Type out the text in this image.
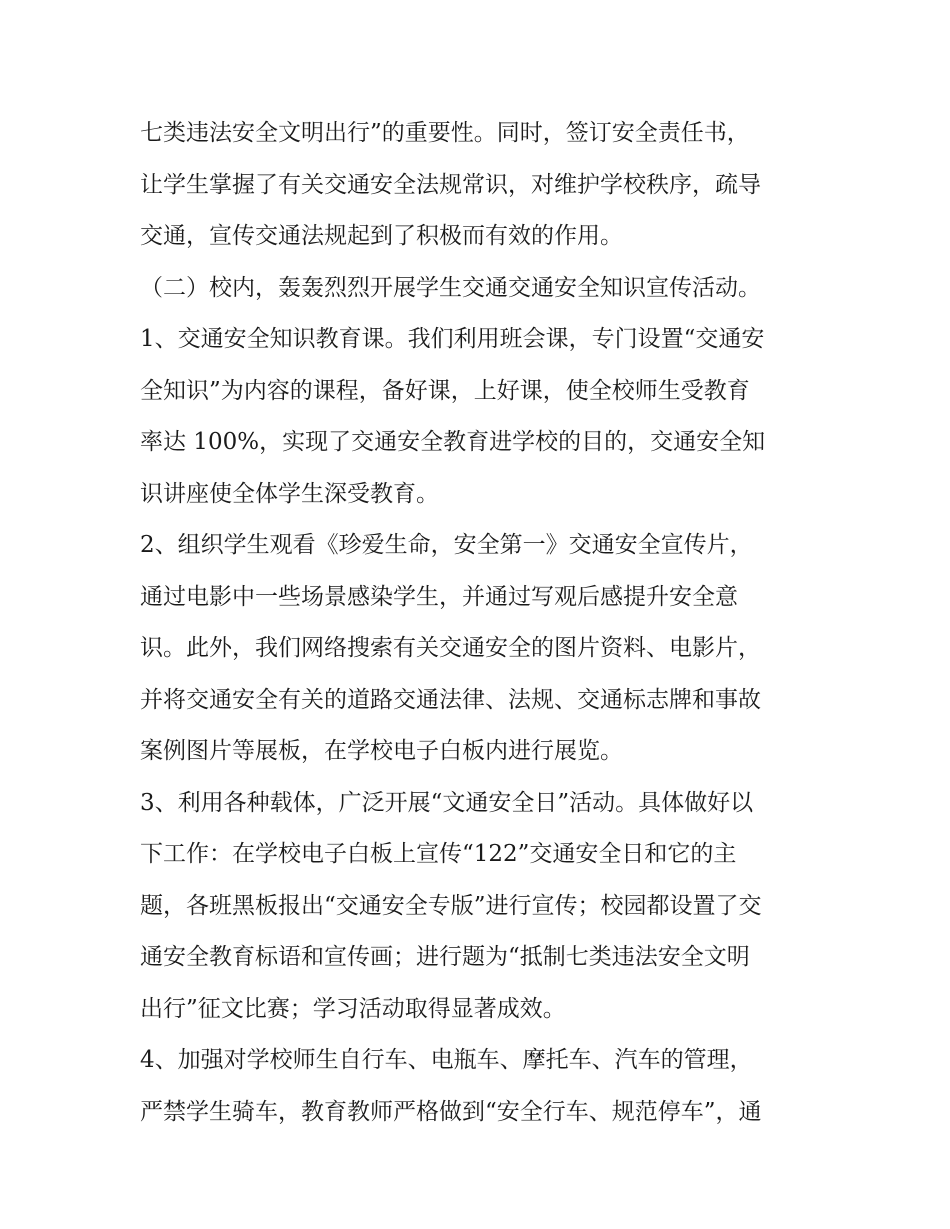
七类违法安全文明出行”的重要性。同时，签订安全责任书，
让学生掌握了有关交通安全法规常识，对维护学校秩序，疏导
交通，宣传交通法规起到了积极而有效的作用。
（二）校内，轰轰烈烈开展学生交通交通安全知识宣传活动。
1、交通安全知识教育课。我们利用班会课，专门设置“交通安
全知识”为内容的课程，备好课，上好课，使全校师生受教育
率达 100%，实现了交通安全教育进学校的目的，交通安全知
识讲座使全体学生深受教育。
2、组织学生观看《珍爱生命，安全第一》交通安全宣传片，
通过电影中一些场景感染学生，并通过写观后感提升安全意
识。此外，我们网络搜索有关交通安全的图片资料、电影片，
并将交通安全有关的道路交通法律、法规、交通标志牌和事故
案例图片等展板，在学校电子白板内进行展览。
3、利用各种载体，广泛开展“文通安全日”活动。具体做好以
下工作：在学校电子白板上宣传“122”交通安全日和它的主
题，各班黑板报出“交通安全专版”进行宣传；校园都设置了交
通安全教育标语和宣传画；进行题为“抵制七类违法安全文明
出行”征文比赛；学习活动取得显著成效。
4、加强对学校师生自行车、电瓶车、摩托车、汽车的管理，
严禁学生骑车，教育教师严格做到“安全行车、规范停车”，通
